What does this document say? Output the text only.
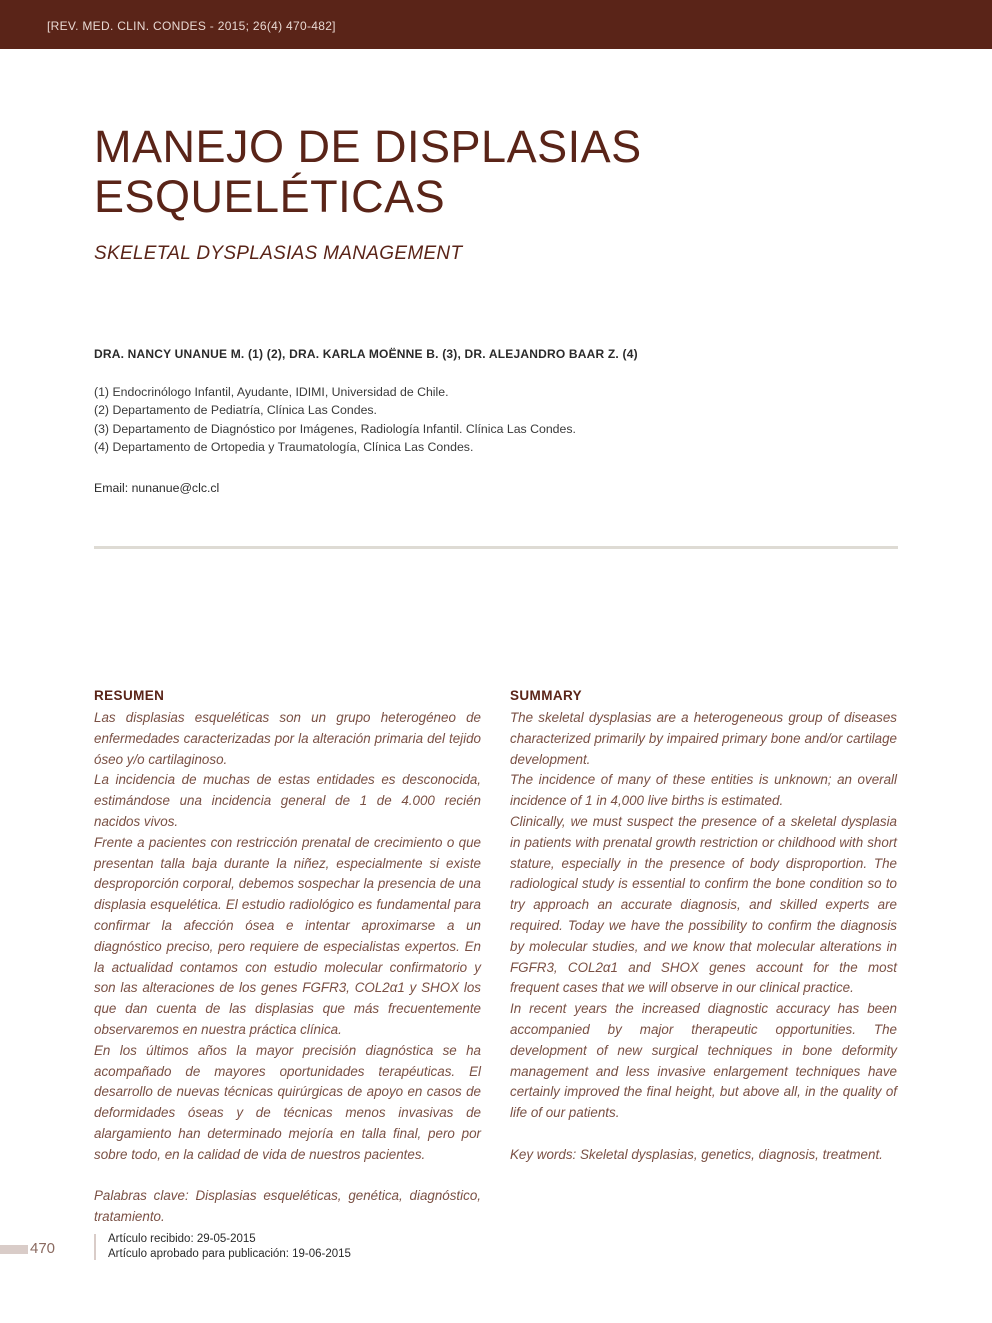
[REV. MED. CLIN. CONDES - 2015; 26(4) 470-482]
MANEJO DE DISPLASIAS
ESQUELÉTICAS
SKELETAL DYSPLASIAS MANAGEMENT
DRA. NANCY UNANUE M. (1) (2), DRA. KARLA MOËNNE B. (3), DR. ALEJANDRO BAAR Z. (4)
(1) Endocrinólogo Infantil, Ayudante, IDIMI, Universidad de Chile.
(2) Departamento de Pediatría, Clínica Las Condes.
(3) Departamento de Diagnóstico por Imágenes, Radiología Infantil. Clínica Las Condes.
(4) Departamento de Ortopedia y Traumatología, Clínica Las Condes.
Email: nunanue@clc.cl
RESUMEN

Las displasias esqueléticas son un grupo heterogéneo de enfermedades caracterizadas por la alteración primaria del tejido óseo y/o cartilaginoso.

La incidencia de muchas de estas entidades es desconocida, estimándose una incidencia general de 1 de 4.000 recién nacidos vivos.

Frente a pacientes con restricción prenatal de crecimiento o que presentan talla baja durante la niñez, especialmente si existe desproporción corporal, debemos sospechar la presencia de una displasia esquelética. El estudio radiológico es fundamental para confirmar la afección ósea e intentar aproximarse a un diagnóstico preciso, pero requiere de especialistas expertos. En la actualidad contamos con estudio molecular confirmatorio y son las alteraciones de los genes FGFR3, COL2α1 y SHOX los que dan cuenta de las displasias que más frecuentemente observaremos en nuestra práctica clínica.

En los últimos años la mayor precisión diagnóstica se ha acompañado de mayores oportunidades terapéuticas. El desarrollo de nuevas técnicas quirúrgicas de apoyo en casos de deformidades óseas y de técnicas menos invasivas de alargamiento han determinado mejoría en talla final, pero por sobre todo, en la calidad de vida de nuestros pacientes.

Palabras clave: Displasias esqueléticas, genética, diagnóstico, tratamiento.

SUMMARY

The skeletal dysplasias are a heterogeneous group of diseases characterized primarily by impaired primary bone and/or cartilage development.

The incidence of many of these entities is unknown; an overall incidence of 1 in 4,000 live births is estimated.

Clinically, we must suspect the presence of a skeletal dysplasia in patients with prenatal growth restriction or childhood with short stature, especially in the presence of body disproportion. The radiological study is essential to confirm the bone condition so to try approach an accurate diagnosis, and skilled experts are required. Today we have the possibility to confirm the diagnosis by molecular studies, and we know that molecular alterations in FGFR3, COL2α1 and SHOX genes account for the most frequent cases that we will observe in our clinical practice.

In recent years the increased diagnostic accuracy has been accompanied by major therapeutic opportunities. The development of new surgical techniques in bone deformity management and less invasive enlargement techniques have certainly improved the final height, but above all, in the quality of life of our patients.

Key words: Skeletal dysplasias, genetics, diagnosis, treatment.

470
Artículo recibido: 29-05-2015
Artículo aprobado para publicación: 19-06-2015
